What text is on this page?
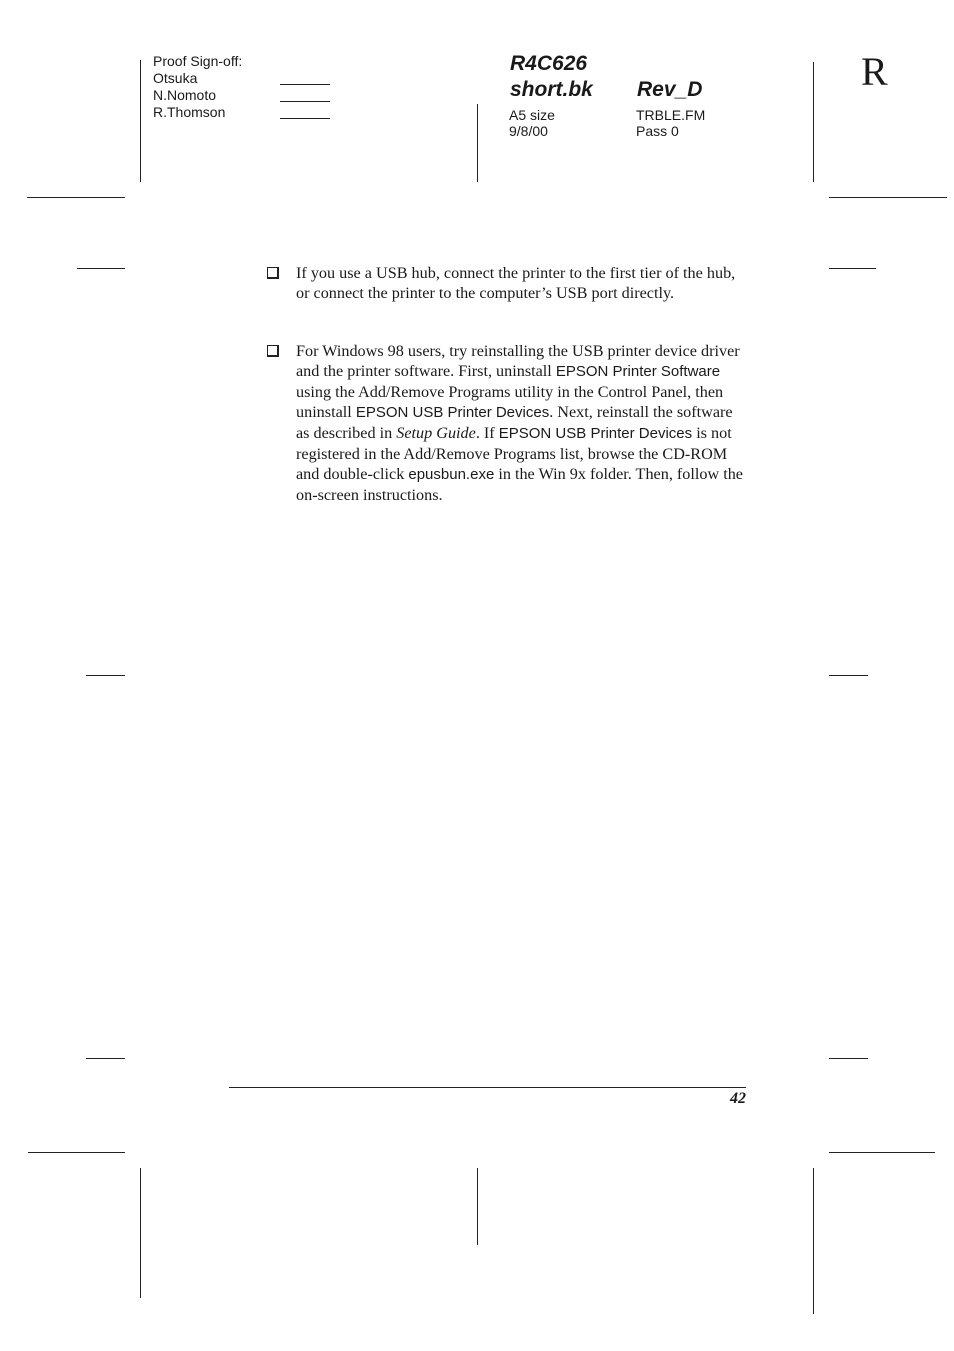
Proof Sign-off:
Otsuka
N.Nomoto
R.Thomson
R4C626
short.bk Rev_D
A5 size
9/8/00
TRBLE.FM
Pass 0
R
If you use a USB hub, connect the printer to the first tier of the hub, or connect the printer to the computer’s USB port directly.
For Windows 98 users, try reinstalling the USB printer device driver and the printer software. First, uninstall EPSON Printer Software using the Add/Remove Programs utility in the Control Panel, then uninstall EPSON USB Printer Devices. Next, reinstall the software as described in Setup Guide. If EPSON USB Printer Devices is not registered in the Add/Remove Programs list, browse the CD-ROM and double-click epusbun.exe in the Win 9x folder. Then, follow the on-screen instructions.
42
